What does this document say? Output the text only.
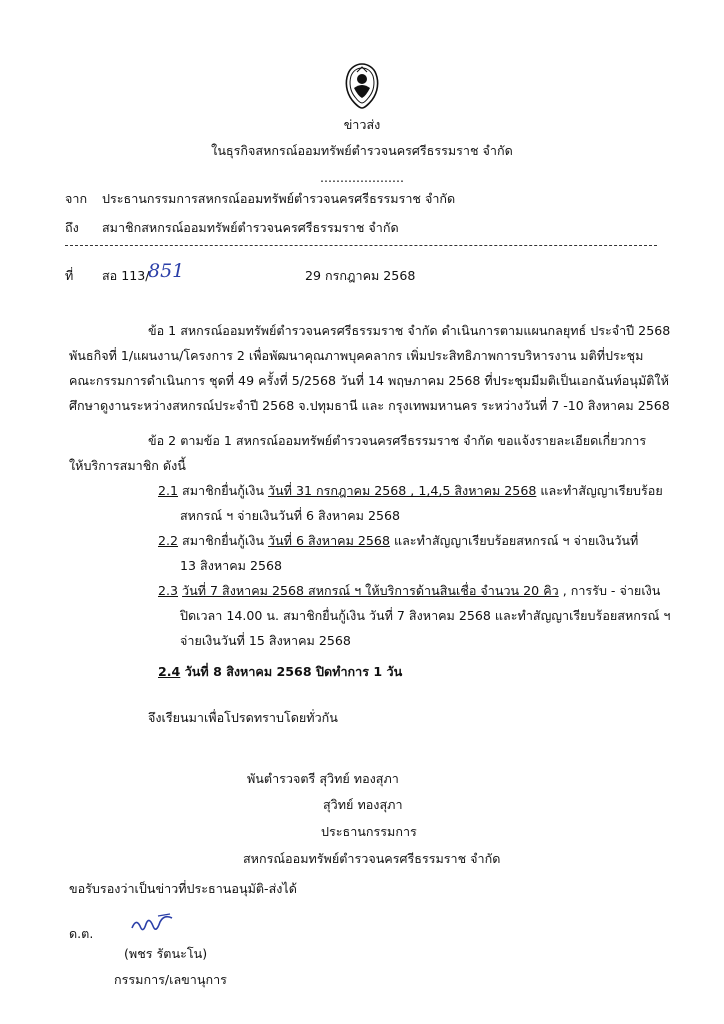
ข่าวส่ง
ในธุรกิจสหกรณ์ออมทรัพย์ตำรวจนครศรีธรรมราช จำกัด
.....................
จาก ประธานกรรมการสหกรณ์ออมทรัพย์ตำรวจนครศรีธรรมราช จำกัด
ถึง สมาชิกสหกรณ์ออมทรัพย์ตำรวจนครศรีธรรมราช จำกัด
ที่ สอ 113/
851	29 กรกฎาคม 2568
ข้อ 1 สหกรณ์ออมทรัพย์ตำรวจนครศรีธรรมราช จำกัด ดำเนินการตามแผนกลยุทธ์ ประจำปี 2568
พันธกิจที่ 1/แผนงาน/โครงการ 2 เพื่อพัฒนาคุณภาพบุคคลากร เพิ่มประสิทธิภาพการบริหารงาน มติที่ประชุม
คณะกรรมการดำเนินการ ชุดที่ 49 ครั้งที่ 5/2568 วันที่ 14 พฤษภาคม 2568 ที่ประชุมมีมติเป็นเอกฉันท์อนุมัติให้
ศึกษาดูงานระหว่างสหกรณ์ประจำปี 2568 จ.ปทุมธานี และ กรุงเทพมหานคร ระหว่างวันที่ 7 -10 สิงหาคม 2568
ข้อ 2 ตามข้อ 1 สหกรณ์ออมทรัพย์ตำรวจนครศรีธรรมราช จำกัด ขอแจ้งรายละเอียดเกี่ยวการ
ให้บริการสมาชิก ดังนี้
2.1 สมาชิกยื่นกู้เงิน วันที่ 31 กรกฎาคม 2568 , 1,4,5 สิงหาคม 2568 และทำสัญญาเรียบร้อย
สหกรณ์ ฯ จ่ายเงินวันที่ 6 สิงหาคม 2568
2.2 สมาชิกยื่นกู้เงิน วันที่ 6 สิงหาคม 2568 และทำสัญญาเรียบร้อยสหกรณ์ ฯ จ่ายเงินวันที่
13 สิงหาคม 2568
2.3 วันที่ 7 สิงหาคม 2568 สหกรณ์ ฯ ให้บริการด้านสินเชื่อ จำนวน 20 คิว , การรับ - จ่ายเงิน
ปิดเวลา 14.00 น. สมาชิกยื่นกู้เงิน วันที่ 7 สิงหาคม 2568 และทำสัญญาเรียบร้อยสหกรณ์ ฯ
จ่ายเงินวันที่ 15 สิงหาคม 2568
2.4 วันที่ 8 สิงหาคม 2568 ปิดทำการ 1 วัน
จึงเรียนมาเพื่อโปรดทราบโดยทั่วกัน
พันตำรวจตรี สุวิทย์ ทองสุภา
สุวิทย์ ทองสุภา
ประธานกรรมการ
สหกรณ์ออมทรัพย์ตำรวจนครศรีธรรมราช จำกัด
ขอรับรองว่าเป็นข่าวที่ประธานอนุมัติ-ส่งได้
ด.ต.
(พชร รัตนะโน)
กรรมการ/เลขานุการ
